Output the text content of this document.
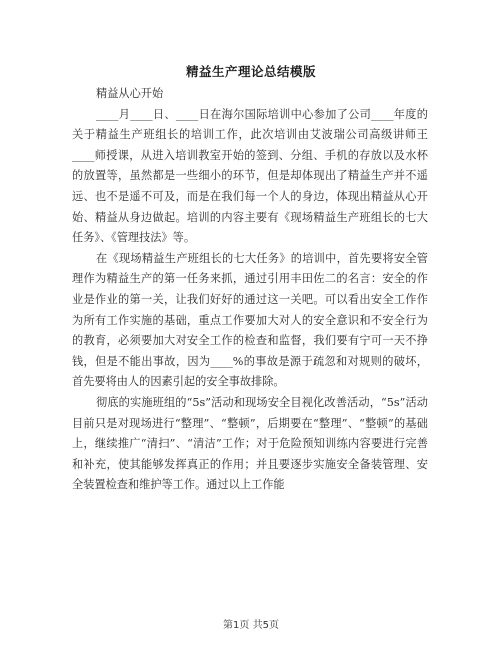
精益生产理论总结模版

精益从心开始

____月____日、____日在海尔国际培训中心参加了公司____年度的关于精益生产班组长的培训工作，此次培训由艾波瑞公司高级讲师王____师授课，从进入培训教室开始的签到、分组、手机的存放以及水杯的放置等，虽然都是一些细小的环节，但是却体现出了精益生产并不遥远、也不是遥不可及，而是在我们每一个人的身边，体现出精益从心开始、精益从身边做起。培训的内容主要有《现场精益生产班组长的七大任务》、《管理技法》等。

在《现场精益生产班组长的七大任务》的培训中，首先要将安全管理作为精益生产的第一任务来抓，通过引用丰田佐二的名言：安全的作业是作业的第一关，让我们好好的通过这一关吧。可以看出安全工作作为所有工作实施的基础，重点工作要加大对人的安全意识和不安全行为的教育，必须要加大对安全工作的检查和监督，我们要有宁可一天不挣钱，但是不能出事故，因为____%的事故是源于疏忽和对规则的破坏，首先要将由人的因素引起的安全事故排除。

彻底的实施班组的“5s”活动和现场安全目视化改善活动，“5s”活动目前只是对现场进行“整理”、“整顿”，后期要在“整理”、“整顿”的基础上，继续推广“清扫”、“清洁”工作；对于危险预知训练内容要进行完善和补充，使其能够发挥真正的作用；并且要逐步实施安全备装管理、安全装置检查和维护等工作。通过以上工作能

第1页 共5页
